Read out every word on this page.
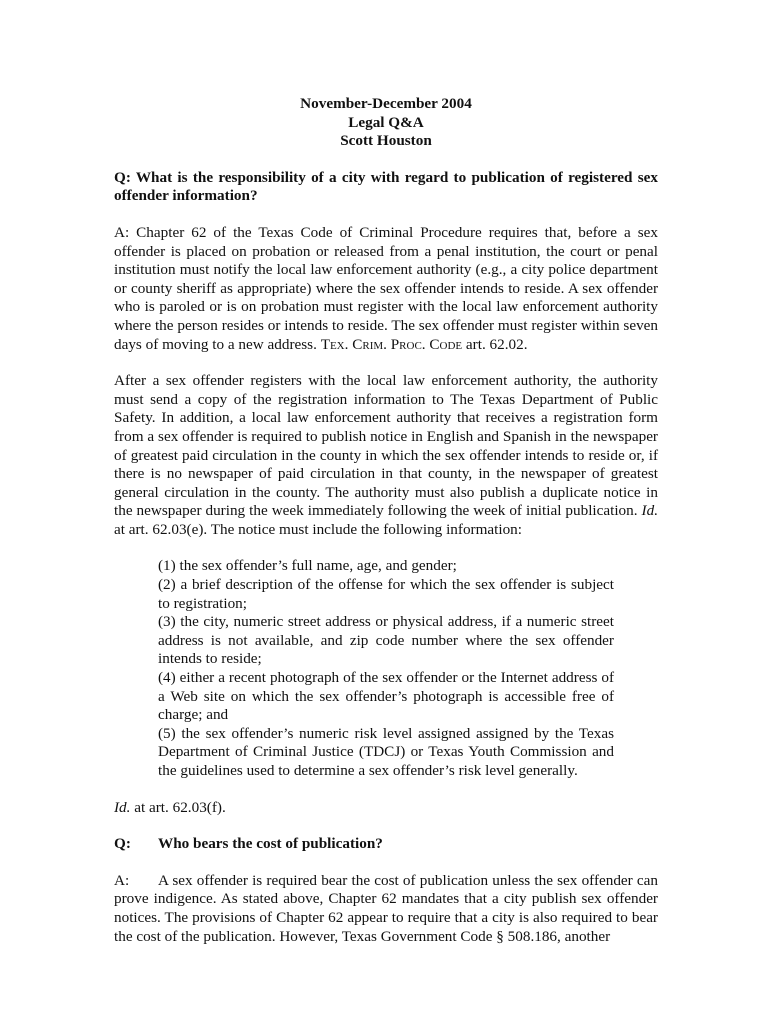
November-December 2004
Legal Q&A
Scott Houston
Q: What is the responsibility of a city with regard to publication of registered sex offender information?
A: Chapter 62 of the Texas Code of Criminal Procedure requires that, before a sex offender is placed on probation or released from a penal institution, the court or penal institution must notify the local law enforcement authority (e.g., a city police department or county sheriff as appropriate) where the sex offender intends to reside. A sex offender who is paroled or is on probation must register with the local law enforcement authority where the person resides or intends to reside. The sex offender must register within seven days of moving to a new address. Tex. Crim. Proc. Code art. 62.02.
After a sex offender registers with the local law enforcement authority, the authority must send a copy of the registration information to The Texas Department of Public Safety. In addition, a local law enforcement authority that receives a registration form from a sex offender is required to publish notice in English and Spanish in the newspaper of greatest paid circulation in the county in which the sex offender intends to reside or, if there is no newspaper of paid circulation in that county, in the newspaper of greatest general circulation in the county. The authority must also publish a duplicate notice in the newspaper during the week immediately following the week of initial publication. Id. at art. 62.03(e). The notice must include the following information:
(1) the sex offender’s full name, age, and gender;
(2) a brief description of the offense for which the sex offender is subject to registration;
(3) the city, numeric street address or physical address, if a numeric street address is not available, and zip code number where the sex offender intends to reside;
(4) either a recent photograph of the sex offender or the Internet address of a Web site on which the sex offender’s photograph is accessible free of charge; and
(5) the sex offender’s numeric risk level assigned assigned by the Texas Department of Criminal Justice (TDCJ) or Texas Youth Commission and the guidelines used to determine a sex offender’s risk level generally.
Id. at art. 62.03(f).
Q:	Who bears the cost of publication?
A: A sex offender is required bear the cost of publication unless the sex offender can prove indigence. As stated above, Chapter 62 mandates that a city publish sex offender notices. The provisions of Chapter 62 appear to require that a city is also required to bear the cost of the publication. However, Texas Government Code § 508.186, another
